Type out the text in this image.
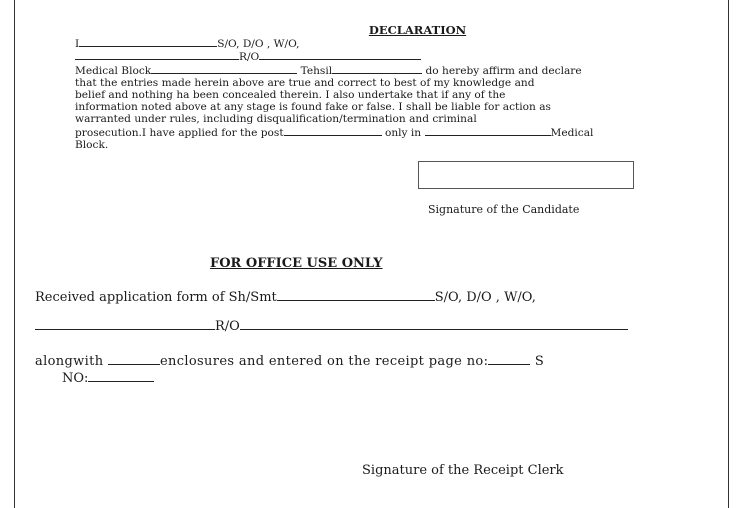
DECLARATION
I	S/O, D/O , W/O,
R/O
Medical Block	Tehsil	do hereby affirm and declare
that the entries made herein above are true and correct to best of my knowledge and
belief and nothing ha been concealed therein. I also undertake that if any of the
information noted above at any stage is found fake or false. I shall be liable for action as
warranted under rules, including disqualification/termination and criminal
prosecution.I have applied for the post	only in	Medical
Block.
Signature of the Candidate
FOR OFFICE USE ONLY
Received application form of Sh/Smt	S/O, D/O , W/O,
R/O
alongwith	enclosures and entered on the receipt page no:	S
NO:
Signature of the Receipt Clerk
